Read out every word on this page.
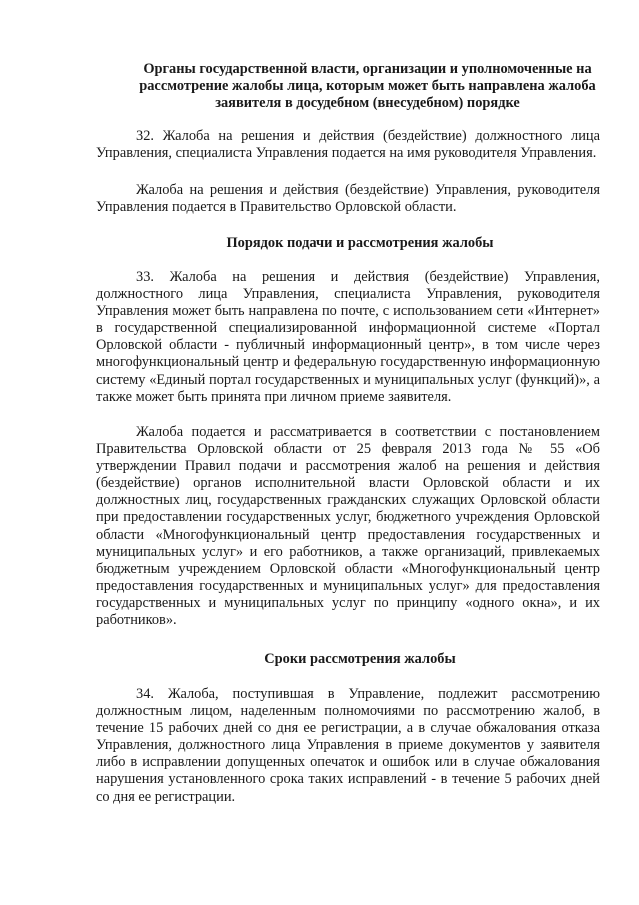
Органы государственной власти, организации и уполномоченные на рассмотрение жалобы лица, которым может быть направлена жалоба заявителя в досудебном (внесудебном) порядке

32. Жалоба на решения и действия (бездействие) должностного лица Управления, специалиста Управления подается на имя руководителя Управления.

Жалоба на решения и действия (бездействие) Управления, руководителя Управления подается в Правительство Орловской области.

Порядок подачи и рассмотрения жалобы

33. Жалоба на решения и действия (бездействие) Управления, должностного лица Управления, специалиста Управления, руководителя Управления может быть направлена по почте, с использованием сети «Интернет» в государственной специализированной информационной системе «Портал Орловской области - публичный информационный центр», в том числе через многофункциональный центр и федеральную государственную информационную систему «Единый портал государственных и муниципальных услуг (функций)», а также может быть принята при личном приеме заявителя.

Жалоба подается и рассматривается в соответствии с постановлением Правительства Орловской области от 25 февраля 2013 года № 55 «Об утверждении Правил подачи и рассмотрения жалоб на решения и действия (бездействие) органов исполнительной власти Орловской области и их должностных лиц, государственных гражданских служащих Орловской области при предоставлении государственных услуг, бюджетного учреждения Орловской области «Многофункциональный центр предоставления государственных и муниципальных услуг» и его работников, а также организаций, привлекаемых бюджетным учреждением Орловской области «Многофункциональный центр предоставления государственных и муниципальных услуг» для предоставления государственных и муниципальных услуг по принципу «одного окна», и их работников».

Сроки рассмотрения жалобы

34. Жалоба, поступившая в Управление, подлежит рассмотрению должностным лицом, наделенным полномочиями по рассмотрению жалоб, в течение 15 рабочих дней со дня ее регистрации, а в случае обжалования отказа Управления, должностного лица Управления в приеме документов у заявителя либо в исправлении допущенных опечаток и ошибок или в случае обжалования нарушения установленного срока таких исправлений - в течение 5 рабочих дней со дня ее регистрации.
